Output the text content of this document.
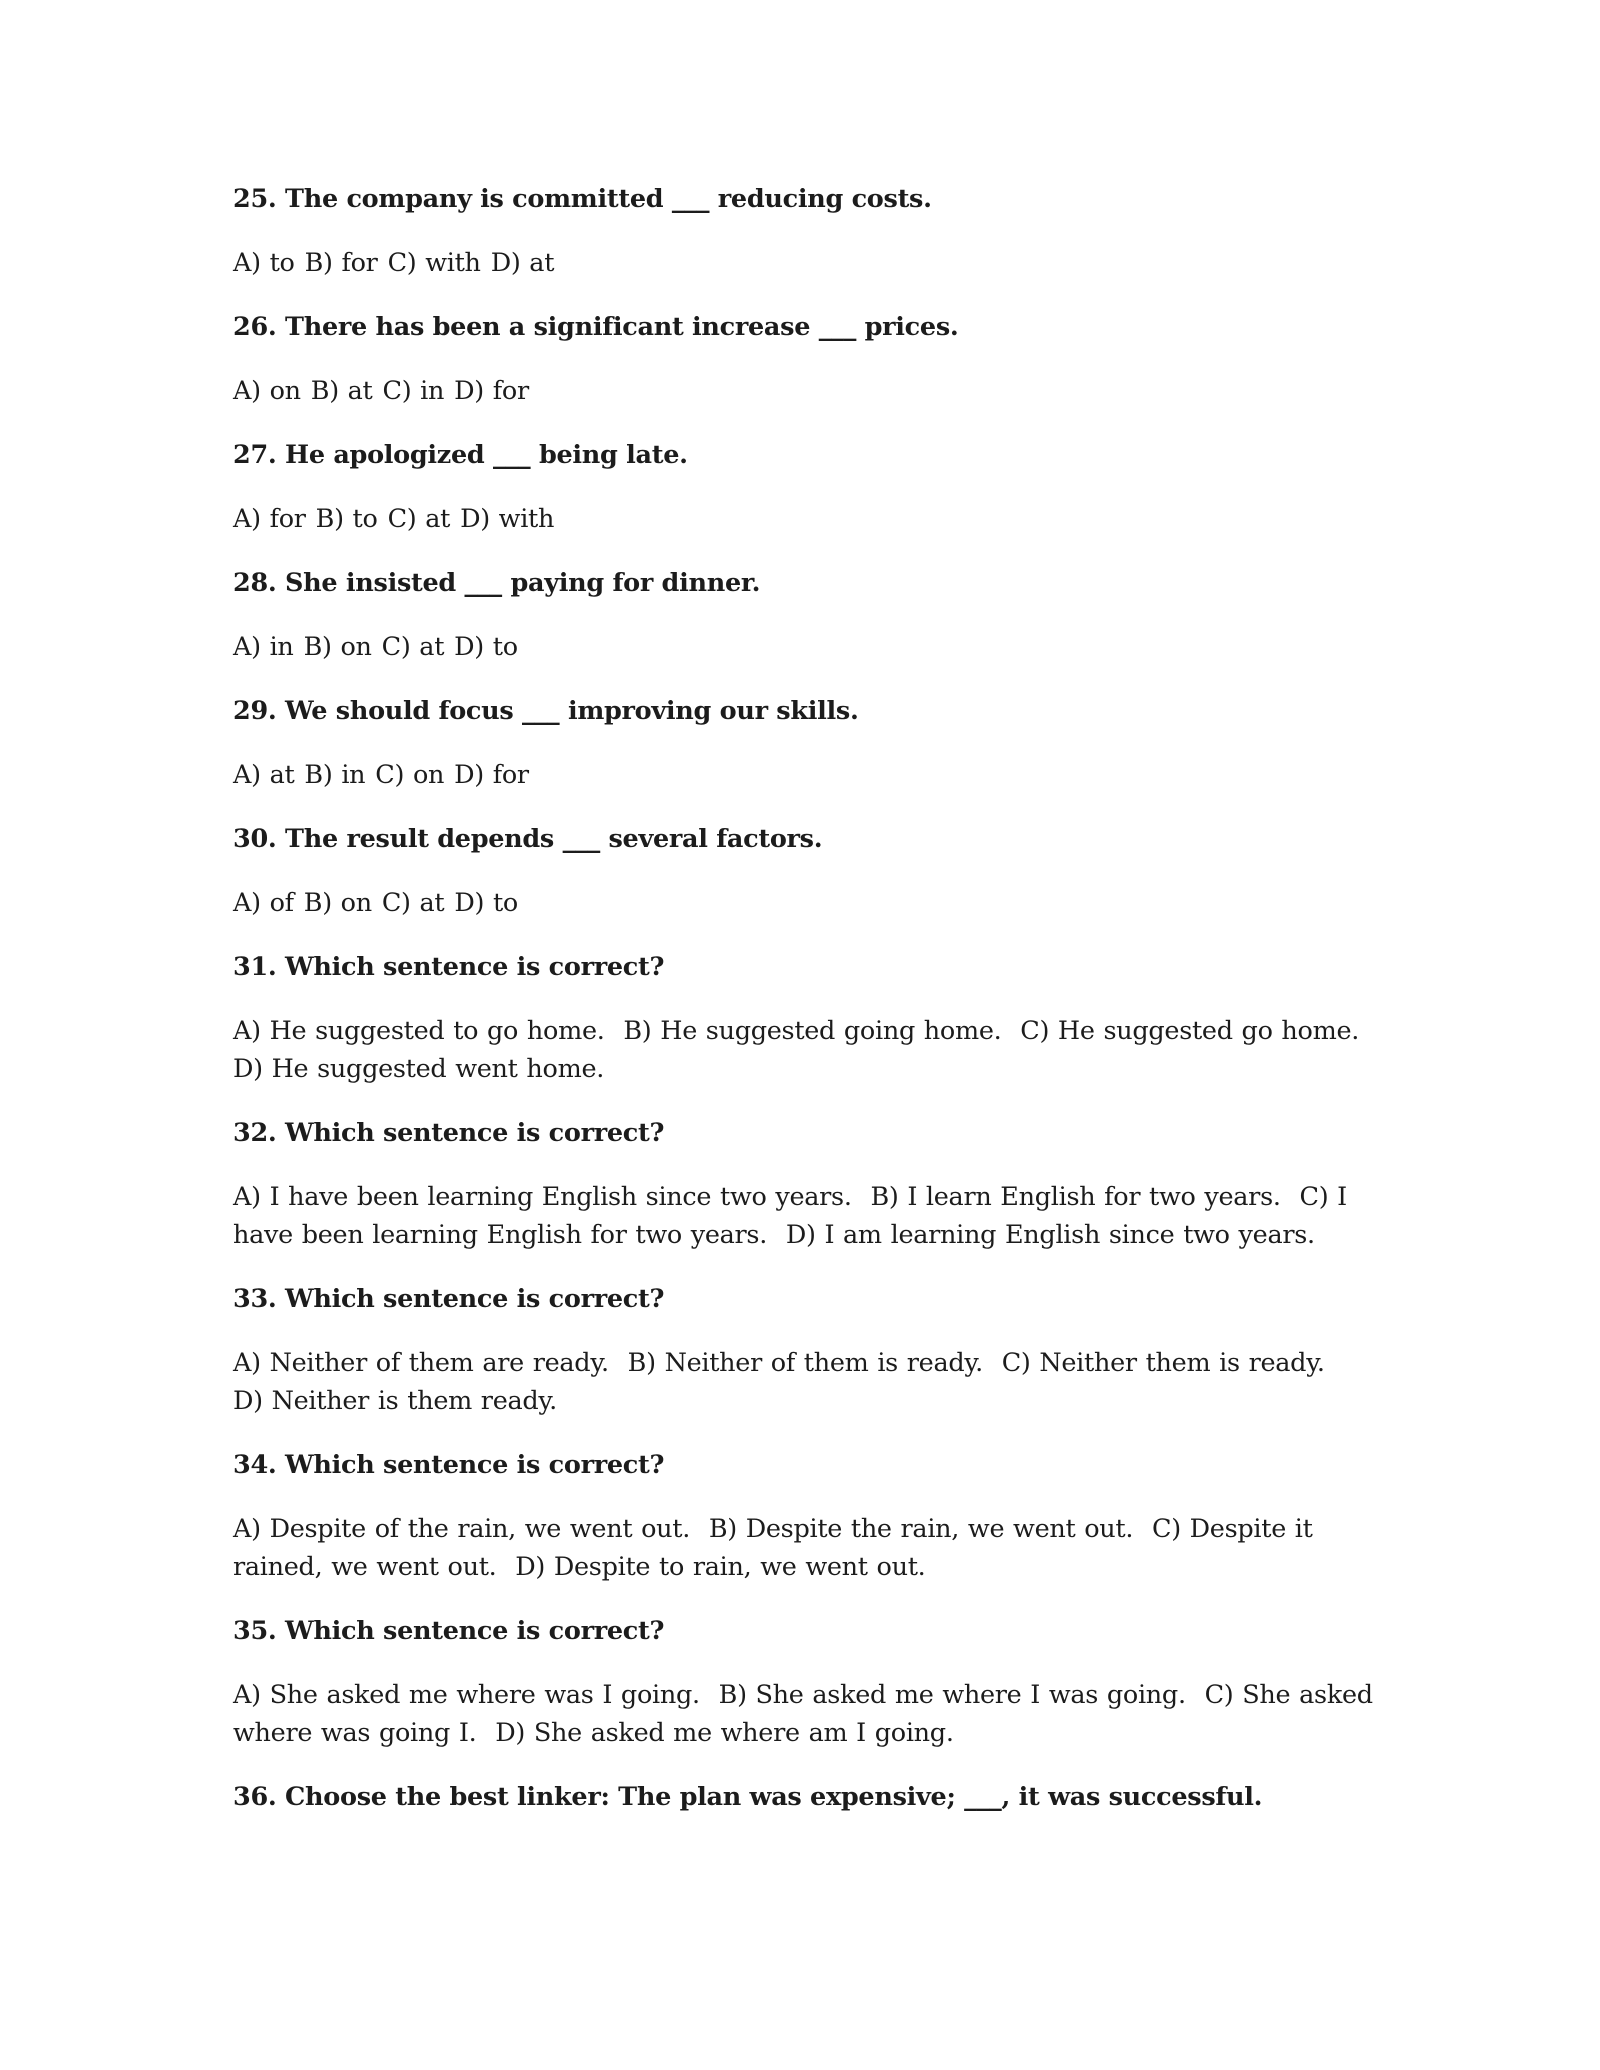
25. The company is committed ___ reducing costs.

A) to B) for C) with D) at

26. There has been a significant increase ___ prices.

A) on B) at C) in D) for

27. He apologized ___ being late.

A) for B) to C) at D) with

28. She insisted ___ paying for dinner.

A) in B) on C) at D) to

29. We should focus ___ improving our skills.

A) at B) in C) on D) for

30. The result depends ___ several factors.

A) of B) on C) at D) to

31. Which sentence is correct?

A) He suggested to go home. B) He suggested going home. C) He suggested go home. D) He suggested went home.

32. Which sentence is correct?

A) I have been learning English since two years. B) I learn English for two years. C) I have been learning English for two years. D) I am learning English since two years.

33. Which sentence is correct?

A) Neither of them are ready. B) Neither of them is ready. C) Neither them is ready. D) Neither is them ready.

34. Which sentence is correct?

A) Despite of the rain, we went out. B) Despite the rain, we went out. C) Despite it rained, we went out. D) Despite to rain, we went out.

35. Which sentence is correct?

A) She asked me where was I going. B) She asked me where I was going. C) She asked where was going I. D) She asked me where am I going.

36. Choose the best linker: The plan was expensive; ___, it was successful.
